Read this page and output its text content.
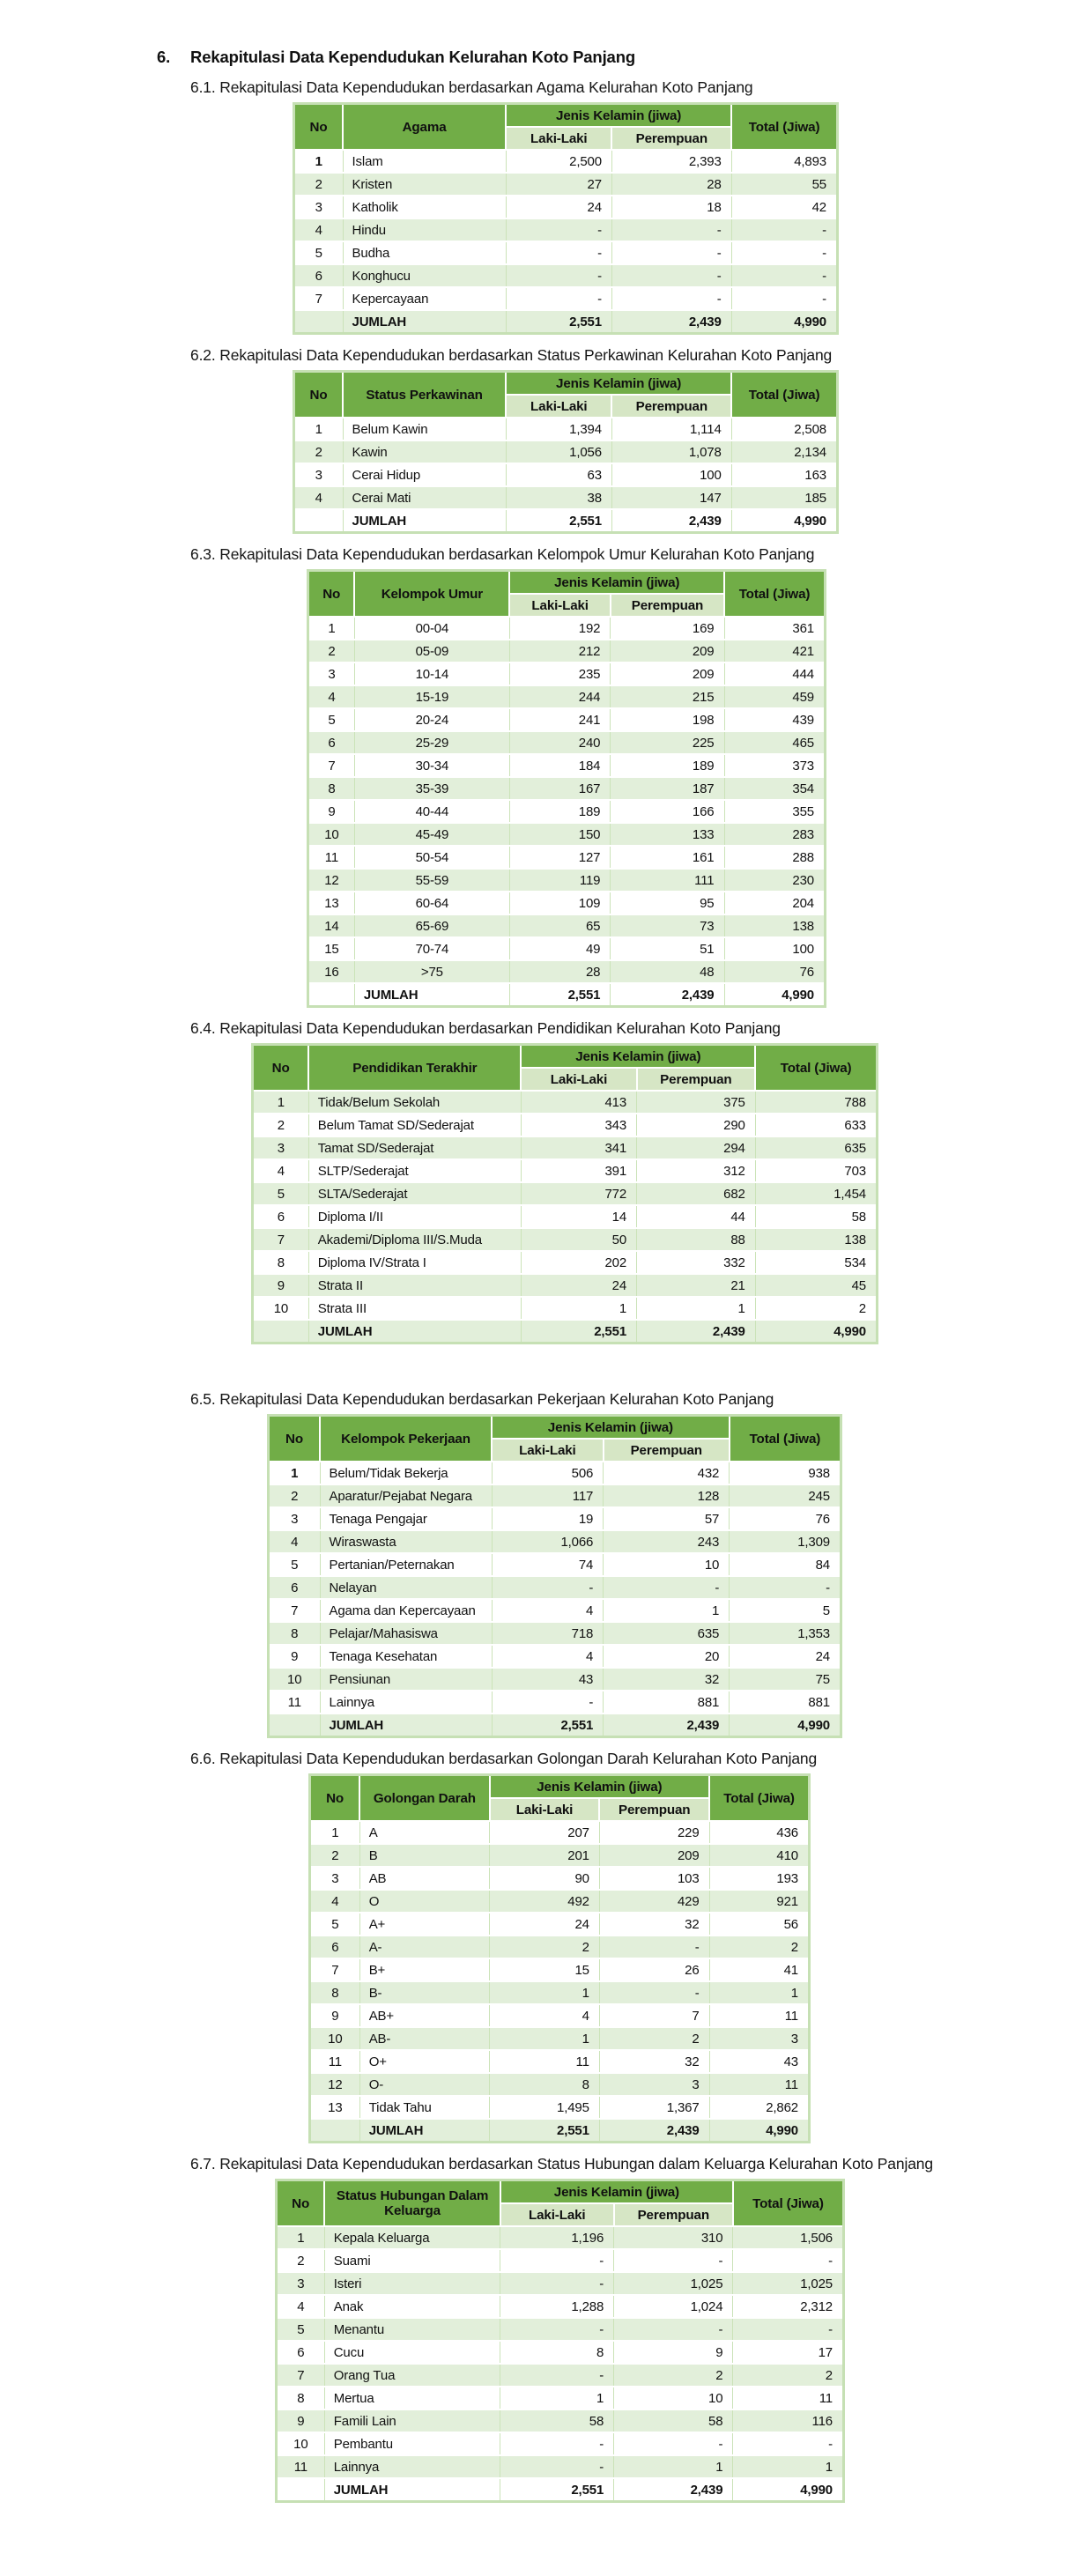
6. Rekapitulasi Data Kependudukan Kelurahan Koto Panjang
6.1. Rekapitulasi Data Kependudukan berdasarkan Agama Kelurahan Koto Panjang
No	Agama	Jenis Kelamin (jiwa)		Total (Jiwa)
		Laki-Laki	Perempuan	
1	Islam	2,500	2,393	4,893
2	Kristen	27	28	55
3	Katholik	24	18	42
4	Hindu	-	-	-
5	Budha	-	-	-
6	Konghucu	-	-	-
7	Kepercayaan	-	-	-
	JUMLAH	2,551	2,439	4,990
6.2. Rekapitulasi Data Kependudukan berdasarkan Status Perkawinan Kelurahan Koto Panjang
No	Status Perkawinan	Jenis Kelamin (jiwa)		Total (Jiwa)
		Laki-Laki	Perempuan	
1	Belum Kawin	1,394	1,114	2,508
2	Kawin	1,056	1,078	2,134
3	Cerai Hidup	63	100	163
4	Cerai Mati	38	147	185
	JUMLAH	2,551	2,439	4,990
6.3. Rekapitulasi Data Kependudukan berdasarkan Kelompok Umur Kelurahan Koto Panjang
No	Kelompok Umur	Jenis Kelamin (jiwa)		Total (Jiwa)
		Laki-Laki	Perempuan	
1	00-04	192	169	361
2	05-09	212	209	421
3	10-14	235	209	444
4	15-19	244	215	459
5	20-24	241	198	439
6	25-29	240	225	465
7	30-34	184	189	373
8	35-39	167	187	354
9	40-44	189	166	355
10	45-49	150	133	283
11	50-54	127	161	288
12	55-59	119	111	230
13	60-64	109	95	204
14	65-69	65	73	138
15	70-74	49	51	100
16	>75	28	48	76
	JUMLAH	2,551	2,439	4,990
6.4. Rekapitulasi Data Kependudukan berdasarkan Pendidikan Kelurahan Koto Panjang
No	Pendidikan Terakhir	Jenis Kelamin (jiwa)		Total (Jiwa)
		Laki-Laki	Perempuan	
1	Tidak/Belum Sekolah	413	375	788
2	Belum Tamat SD/Sederajat	343	290	633
3	Tamat SD/Sederajat	341	294	635
4	SLTP/Sederajat	391	312	703
5	SLTA/Sederajat	772	682	1,454
6	Diploma I/II	14	44	58
7	Akademi/Diploma III/S.Muda	50	88	138
8	Diploma IV/Strata I	202	332	534
9	Strata II	24	21	45
10	Strata III	1	1	2
	JUMLAH	2,551	2,439	4,990
6.5. Rekapitulasi Data Kependudukan berdasarkan Pekerjaan Kelurahan Koto Panjang
No	Kelompok Pekerjaan	Jenis Kelamin (jiwa)		Total (Jiwa)
		Laki-Laki	Perempuan	
1	Belum/Tidak Bekerja	506	432	938
2	Aparatur/Pejabat Negara	117	128	245
3	Tenaga Pengajar	19	57	76
4	Wiraswasta	1,066	243	1,309
5	Pertanian/Peternakan	74	10	84
6	Nelayan	-	-	-
7	Agama dan Kepercayaan	4	1	5
8	Pelajar/Mahasiswa	718	635	1,353
9	Tenaga Kesehatan	4	20	24
10	Pensiunan	43	32	75
11	Lainnya	-	881	881
	JUMLAH	2,551	2,439	4,990
6.6. Rekapitulasi Data Kependudukan berdasarkan Golongan Darah Kelurahan Koto Panjang
No	Golongan Darah	Jenis Kelamin (jiwa)		Total (Jiwa)
		Laki-Laki	Perempuan	
1	A	207	229	436
2	B	201	209	410
3	AB	90	103	193
4	O	492	429	921
5	A+	24	32	56
6	A-	2	-	2
7	B+	15	26	41
8	B-	1	-	1
9	AB+	4	7	11
10	AB-	1	2	3
11	O+	11	32	43
12	O-	8	3	11
13	Tidak Tahu	1,495	1,367	2,862
	JUMLAH	2,551	2,439	4,990
6.7. Rekapitulasi Data Kependudukan berdasarkan Status Hubungan dalam Keluarga Kelurahan Koto Panjang
No	Status Hubungan Dalam Keluarga	Jenis Kelamin (jiwa)		Total (Jiwa)
		Laki-Laki	Perempuan	
1	Kepala Keluarga	1,196	310	1,506
2	Suami	-	-	-
3	Isteri	-	1,025	1,025
4	Anak	1,288	1,024	2,312
5	Menantu	-	-	-
6	Cucu	8	9	17
7	Orang Tua	-	2	2
8	Mertua	1	10	11
9	Famili Lain	58	58	116
10	Pembantu	-	-	-
11	Lainnya	-	1	1
	JUMLAH	2,551	2,439	4,990
